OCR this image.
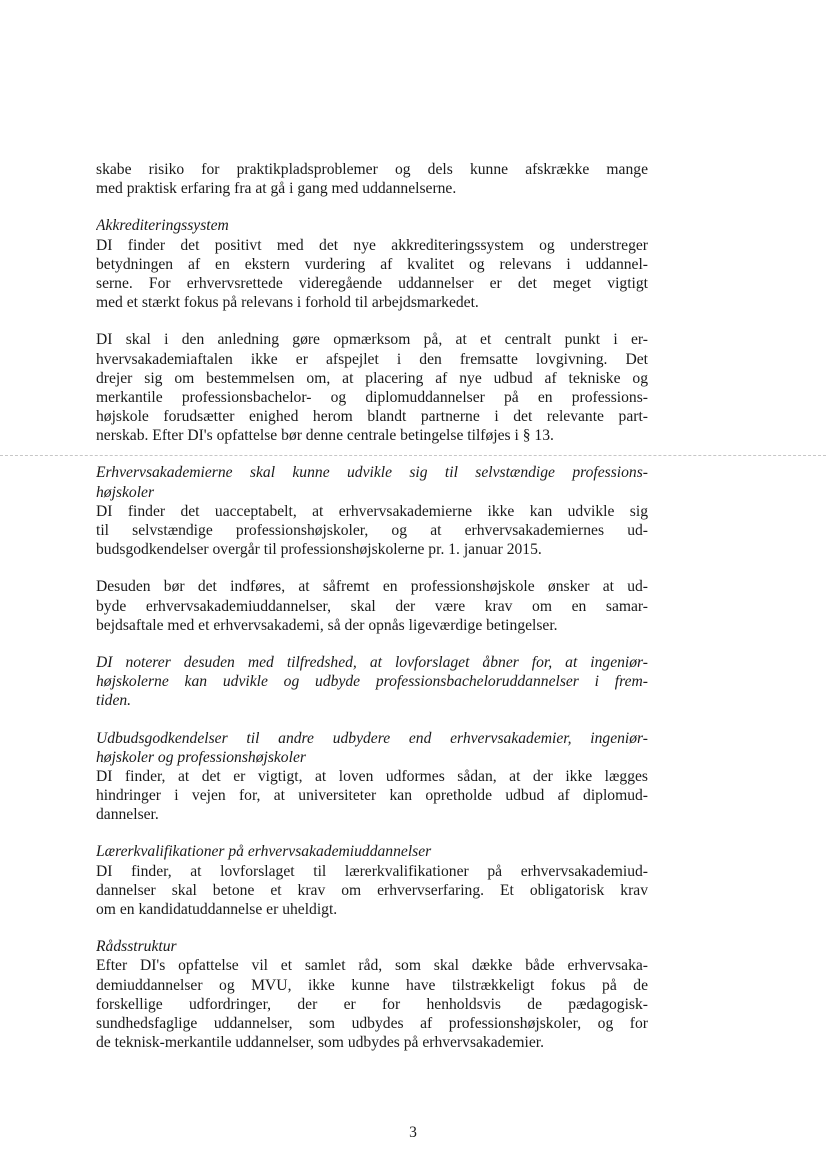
skabe risiko for praktikpladsproblemer og dels kunne afskrække mange
med praktisk erfaring fra at gå i gang med uddannelserne.
Akkrediteringssystem
DI finder det positivt med det nye akkrediteringssystem og understreger
betydningen af en ekstern vurdering af kvalitet og relevans i uddannel-
serne. For erhvervsrettede videregående uddannelser er det meget vigtigt
med et stærkt fokus på relevans i forhold til arbejdsmarkedet.
DI skal i den anledning gøre opmærksom på, at et centralt punkt i er-
hvervsakademiaftalen ikke er afspejlet i den fremsatte lovgivning. Det
drejer sig om bestemmelsen om, at placering af nye udbud af tekniske og
merkantile professionsbachelor- og diplomuddannelser på en professions-
højskole forudsætter enighed herom blandt partnerne i det relevante part-
nerskab. Efter DI's opfattelse bør denne centrale betingelse tilføjes i § 13.
Erhvervsakademierne skal kunne udvikle sig til selvstændige professions-
højskoler
DI finder det uacceptabelt, at erhvervsakademierne ikke kan udvikle sig
til selvstændige professionshøjskoler, og at erhvervsakademiernes ud-
budsgodkendelser overgår til professionshøjskolerne pr. 1. januar 2015.
Desuden bør det indføres, at såfremt en professionshøjskole ønsker at ud-
byde erhvervsakademiuddannelser, skal der være krav om en samar-
bejdsaftale med et erhvervsakademi, så der opnås ligeværdige betingelser.
DI noterer desuden med tilfredshed, at lovforslaget åbner for, at ingeniør-
højskolerne kan udvikle og udbyde professionsbacheloruddannelser i frem-
tiden.
Udbudsgodkendelser til andre udbydere end erhvervsakademier, ingeniør-
højskoler og professionshøjskoler
DI finder, at det er vigtigt, at loven udformes sådan, at der ikke lægges
hindringer i vejen for, at universiteter kan opretholde udbud af diplomud-
dannelser.
Lærerkvalifikationer på erhvervsakademiuddannelser
DI finder, at lovforslaget til lærerkvalifikationer på erhvervsakademiud-
dannelser skal betone et krav om erhvervserfaring. Et obligatorisk krav
om en kandidatuddannelse er uheldigt.
Rådsstruktur
Efter DI's opfattelse vil et samlet råd, som skal dække både erhvervsaka-
demiuddannelser og MVU, ikke kunne have tilstrækkeligt fokus på de
forskellige udfordringer, der er for henholdsvis de pædagogisk-
sundhedsfaglige uddannelser, som udbydes af professionshøjskoler, og for
de teknisk-merkantile uddannelser, som udbydes på erhvervsakademier.
3
